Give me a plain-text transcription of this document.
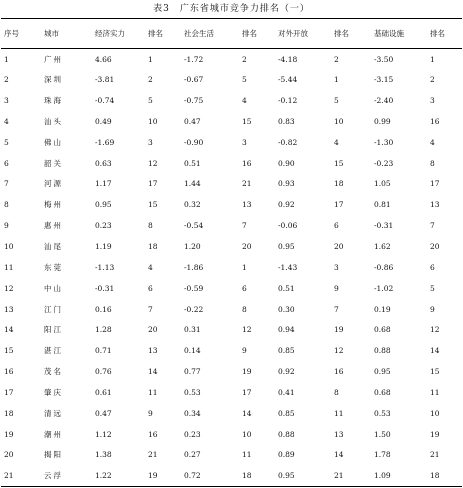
表3　广东省城市竞争力排名（一）
序号	城市	经济实力	排名	社会生活	排名	对外开放	排名	基础设施	排名
1	广州	4.66	1	-1.72	2	-4.18	2	-3.50	1
2	深圳	-3.81	2	-0.67	5	-5.44	1	-3.15	2
3	珠海	-0.74	5	-0.75	4	-0.12	5	-2.40	3
4	汕头	0.49	10	0.47	15	0.83	10	0.99	16
5	佛山	-1.69	3	-0.90	3	-0.82	4	-1.30	4
6	韶关	0.63	12	0.51	16	0.90	15	-0.23	8
7	河源	1.17	17	1.44	21	0.93	18	1.05	17
8	梅州	0.95	15	0.32	13	0.92	17	0.81	13
9	惠州	0.23	8	-0.54	7	-0.06	6	-0.31	7
10	汕尾	1.19	18	1.20	20	0.95	20	1.62	20
11	东莞	-1.13	4	-1.86	1	-1.43	3	-0.86	6
12	中山	-0.31	6	-0.59	6	0.51	9	-1.02	5
13	江门	0.16	7	-0.22	8	0.30	7	0.19	9
14	阳江	1.28	20	0.31	12	0.94	19	0.68	12
15	湛江	0.71	13	0.14	9	0.85	12	0.88	14
16	茂名	0.76	14	0.77	19	0.92	16	0.95	15
17	肇庆	0.61	11	0.53	17	0.41	8	0.68	11
18	清远	0.47	9	0.34	14	0.85	11	0.53	10
19	潮州	1.12	16	0.23	10	0.88	13	1.50	19
20	揭阳	1.38	21	0.27	11	0.89	14	1.78	21
21	云浮	1.22	19	0.72	18	0.95	21	1.09	18
